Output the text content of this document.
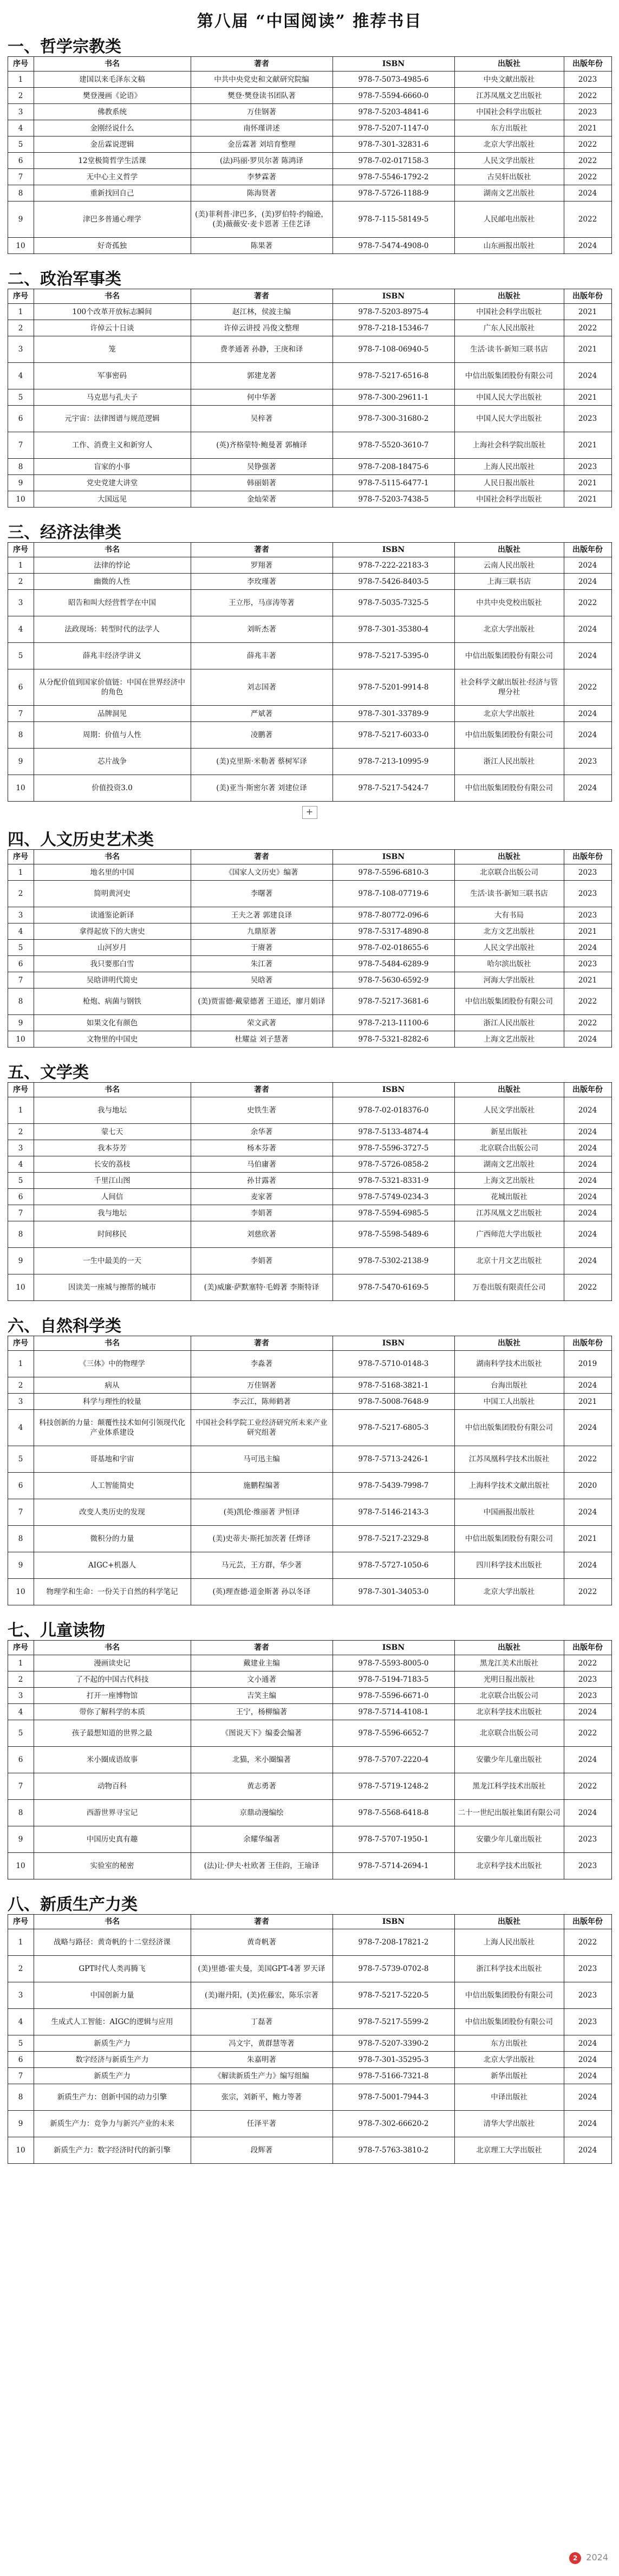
第八届 “中国阅读” 推荐书目
一、哲学宗教类
序号	书名	著者	ISBN	出版社	出版年份
1	建国以来毛泽东文稿	中共中央党史和文献研究院编	978-7-5073-4985-6	中央文献出版社	2023
2	樊登漫画《论语》	樊登·樊登读书团队著	978-7-5594-6660-0	江苏凤凰文艺出版社	2022
3	佛教系统	万佳钢著	978-7-5203-4841-6	中国社会科学出版社	2023
4	金刚经说什么	南怀瑾讲述	978-7-5207-1147-0	东方出版社	2021
5	金岳霖说逻辑	金岳霖著 刘培育整理	978-7-301-32831-6	北京大学出版社	2022
6	12堂极简哲学生活课	(法)玛丽·罗贝尔著 陈鸿译	978-7-02-017158-3	人民文学出版社	2022
7	无中心主义哲学	李梦霖著	978-7-5546-1792-2	古吴轩出版社	2022
8	重新找回自己	陈海贤著	978-7-5726-1188-9	湖南文艺出版社	2024
9	津巴多普通心理学	(美)菲利普·津巴多，(美)罗伯特·约翰逊，(美)薇薇安·麦卡恩著 王佳艺译	978-7-115-58149-5	人民邮电出版社	2022
10	好奇孤独	陈果著	978-7-5474-4908-0	山东画报出版社	2024
二、政治军事类
序号	书名	著者	ISBN	出版社	出版年份
1	100个改革开放标志瞬间	赵江林，侯波主编	978-7-5203-8975-4	中国社会科学出版社	2021
2	许倬云十日谈	许倬云讲授 冯俊文整理	978-7-218-15346-7	广东人民出版社	2022
3	笼	费孝通著 孙静，王庚和译	978-7-108-06940-5	生活·读书·新知三联书店	2021
4	军事密码	郭建龙著	978-7-5217-6516-8	中信出版集团股份有限公司	2024
5	马克思与孔夫子	何中华著	978-7-300-29611-1	中国人民大学出版社	2021
6	元宇宙：法律图谱与规范逻辑	吴梓著	978-7-300-31680-2	中国人民大学出版社	2023
7	工作、消费主义和新穷人	(英)齐格蒙特·鲍曼著 郭楠译	978-7-5520-3610-7	上海社会科学院出版社	2021
8	盲家的小事	吴铮强著	978-7-208-18475-6	上海人民出版社	2023
9	党史党建大讲堂	韩丽娟著	978-7-5115-6477-1	人民日报出版社	2021
10	大国远见	金灿荣著	978-7-5203-7438-5	中国社会科学出版社	2021
三、经济法律类
序号	书名	著者	ISBN	出版社	出版年份
1	法律的悖论	罗翔著	978-7-222-22183-3	云南人民出版社	2024
2	幽微的人性	李玫瑾著	978-7-5426-8403-5	上海三联书店	2024
3	昭告和叫大经营哲学在中国	王立彤，马彦涛等著	978-7-5035-7325-5	中共中央党校出版社	2022
4	法政现场：转型时代的法学人	刘昕杰著	978-7-301-35380-4	北京大学出版社	2024
5	薛兆丰经济学讲义	薛兆丰著	978-7-5217-5395-0	中信出版集团股份有限公司	2024
6	从分配价值到国家价值链：中国在世界经济中的角色	刘志国著	978-7-5201-9914-8	社会科学文献出版社·经济与管理分社	2022
7	品牌洞见	严斌著	978-7-301-33789-9	北京大学出版社	2024
8	周期：价值与人性	凌鹏著	978-7-5217-6033-0	中信出版集团股份有限公司	2024
9	芯片战争	(美)克里斯·米勒著 蔡树军译	978-7-213-10995-9	浙江人民出版社	2023
10	价值投资3.0	(美)亚当·斯密尔著 刘建位译	978-7-5217-5424-7	中信出版集团股份有限公司	2024
+
四、人文历史艺术类
序号	书名	著者	ISBN	出版社	出版年份
1	地名里的中国	《国家人文历史》编著	978-7-5596-6810-3	北京联合出版公司	2023
2	简明黄河史	李曙著	978-7-108-07719-6	生活·读书·新知三联书店	2023
3	读通鉴论新译	王夫之著 郭建良译	978-7-80772-096-6	大有书局	2023
4	拿得起放下的大唐史	九鼎原著	978-7-5317-4890-8	北方文艺出版社	2021
5	山河岁月	于赓著	978-7-02-018655-6	人民文学出版社	2024
6	我只要那白雪	朱江著	978-7-5484-6289-9	哈尔滨出版社	2023
7	吴晗讲明代简史	吴晗著	978-7-5630-6592-9	河海大学出版社	2021
8	枪炮、病菌与钢铁	(美)贾雷德·戴蒙德著 王道还，廖月娟译	978-7-5217-3681-6	中信出版集团股份有限公司	2022
9	如果文化有颜色	荣文武著	978-7-213-11100-6	浙江人民出版社	2022
10	文物里的中国史	杜耀益 刘子慧著	978-7-5321-8282-6	上海文艺出版社	2024
五、文学类
序号	书名	著者	ISBN	出版社	出版年份
1	我与地坛	史铁生著	978-7-02-018376-0	人民文学出版社	2024
2	蒙七天	余华著	978-7-5133-4874-4	新星出版社	2024
3	我本芬芳	杨本芬著	978-7-5596-3727-5	北京联合出版公司	2024
4	长安的荔枝	马伯庸著	978-7-5726-0858-2	湖南文艺出版社	2024
5	千里江山图	孙甘露著	978-7-5321-8331-9	上海文艺出版社	2024
6	人间信	麦家著	978-7-5749-0234-3	花城出版社	2024
7	我与地坛	李娟著	978-7-5594-6985-5	江苏凤凰文艺出版社	2024
8	时间移民	刘慈欣著	978-7-5598-5489-6	广西师范大学出版社	2024
9	一生中最美的一天	李娟著	978-7-5302-2138-9	北京十月文艺出版社	2024
10	因读美一座城与擦帮的城市	(美)威廉·萨默塞特·毛姆著 李斯特译	978-7-5470-6169-5	万卷出版有限责任公司	2022
六、自然科学类
序号	书名	著者	ISBN	出版社	出版年份
1	《三体》中的物理学	李淼著	978-7-5710-0148-3	湖南科学技术出版社	2019
2	病从	万佳钢著	978-7-5168-3821-1	台海出版社	2024
3	科学与理性的较量	李云江，陈师鹤著	978-7-5008-7648-9	中国工人出版社	2021
4	科技创新的力量：颠覆性技术如何引领现代化产业体系建设	中国社会科学院工业经济研究所未来产业研究组著	978-7-5217-6805-3	中信出版集团股份有限公司	2024
5	哥基地和宇宙	马可迅主编	978-7-5713-2426-1	江苏凤凰科学技术出版社	2022
6	人工智能简史	施鹏程编著	978-7-5439-7998-7	上海科学技术文献出版社	2020
7	改变人类历史的发现	(英)凯伦·维丽著 尹恒译	978-7-5146-2143-3	中国画报出版社	2024
8	微积分的力量	(美)史蒂夫·斯托加茨著 任烨译	978-7-5217-2329-8	中信出版集团股份有限公司	2021
9	AIGC+机器人	马元芸，王方群，华少著	978-7-5727-1050-6	四川科学技术出版社	2024
10	物理学和生命：一份关于自然的科学笔记	(英)理查德·道金斯著 孙以冬译	978-7-301-34053-0	北京大学出版社	2022
七、儿童读物
序号	书名	著者	ISBN	出版社	出版年份
1	漫画读史记	戴建业主编	978-7-5593-8005-0	黑龙江美术出版社	2022
2	了不起的中国古代科技	文小通著	978-7-5194-7183-5	光明日报出版社	2023
3	打开一座博物馆	吉笑主编	978-7-5596-6671-0	北京联合出版公司	2023
4	带你了解科学的本质	王宁，杨柳编著	978-7-5714-4108-1	北京科学技术出版社	2024
5	孩子最想知道的世界之最	《图说天下》编委会编著	978-7-5596-6652-7	北京联合出版公司	2022
6	米小圈成语故事	北猫，米小圈编著	978-7-5707-2220-4	安徽少年儿童出版社	2024
7	动物百科	黄志勇著	978-7-5719-1248-2	黑龙江科学技术出版社	2022
8	西游世界寻宝记	京鼎动漫编绘	978-7-5568-6418-8	二十一世纪出版社集团有限公司	2024
9	中国历史真有趣	余耀华编著	978-7-5707-1950-1	安徽少年儿童出版社	2023
10	实验室的秘密	(法)让·伊夫·杜欧著 王佳韵，王瑜译	978-7-5714-2694-1	北京科学技术出版社	2023
八、新质生产力类
序号	书名	著者	ISBN	出版社	出版年份
1	战略与路径：黄奇帆的十二堂经济课	黄奇帆著	978-7-208-17821-2	上海人民出版社	2022
2	GPT时代人类再腾飞	(美)里德·霍夫曼，美国GPT-4著 罗天译	978-7-5739-0702-8	浙江科学技术出版社	2023
3	中国创新力量	(美)谢丹阳，(美)佐藤宏，陈乐宗著	978-7-5217-5220-5	中信出版集团股份有限公司	2023
4	生成式人工智能：AIGC的逻辑与应用	丁磊著	978-7-5217-5599-2	中信出版集团股份有限公司	2023
5	新质生产力	冯文宇，黄群慧等著	978-7-5207-3390-2	东方出版社	2024
6	数字经济与新质生产力	朱嘉明著	978-7-301-35295-3	北京大学出版社	2024
7	新质生产力	《解读新质生产力》编写组编	978-7-5166-7321-8	新华出版社	2024
8	新质生产力：创新中国的动力引擎	张宗，刘新平，鲍力等著	978-7-5001-7944-3	中译出版社	2024
9	新质生产力：竞争力与新兴产业的未来	任泽平著	978-7-302-66620-2	清华大学出版社	2024
10	新质生产力：数字经济时代的新引擎	段辉著	978-7-5763-3810-2	北京理工大学出版社	2024
2 2024
